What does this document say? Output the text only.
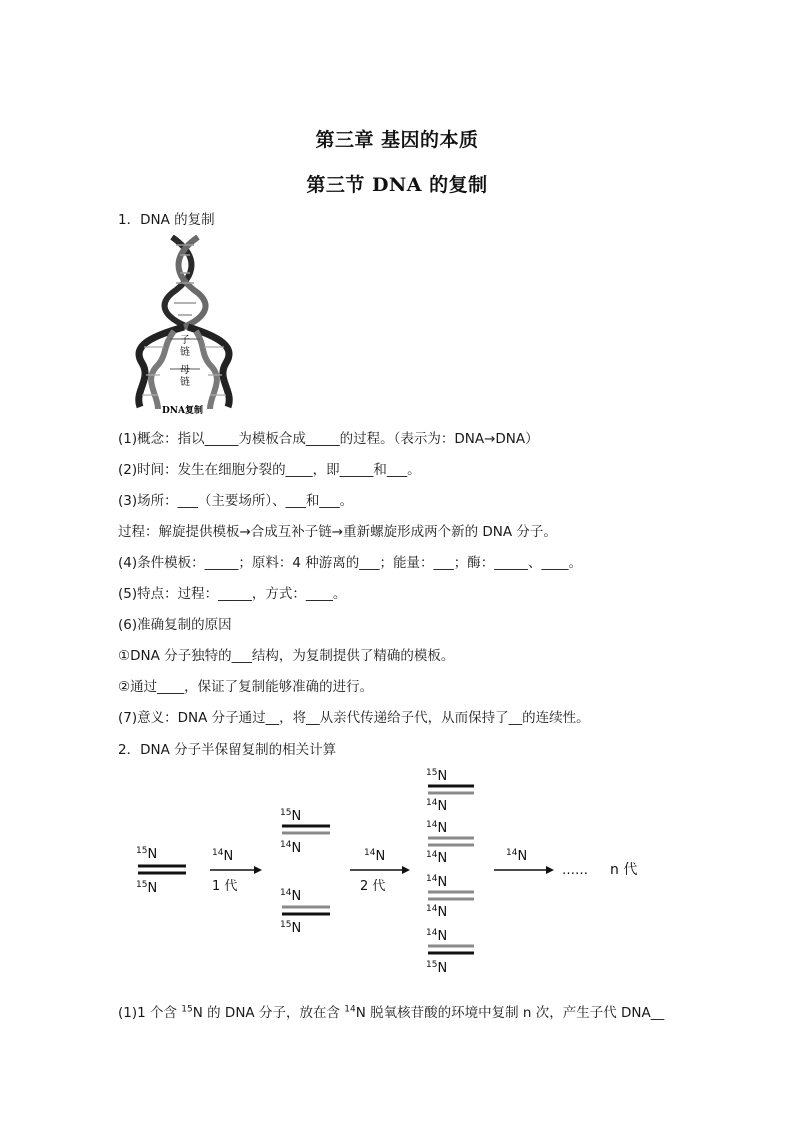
第三章 基因的本质
第三节 DNA 的复制
1．DNA 的复制
子
链
母
链
DNA复制
(1)概念：指以_____为模板合成_____的过程。（表示为：DNA→DNA）
(2)时间：发生在细胞分裂的____，即_____和___。
(3)场所：___（主要场所）、___和___。
过程：解旋提供模板→合成互补子链→重新螺旋形成两个新的 DNA 分子。
(4)条件模板：_____；原料：4 种游离的___；能量：___；酶：_____、____。
(5)特点：过程：_____，方式：____。
(6)准确复制的原因
①DNA 分子独特的___结构，为复制提供了精确的模板。
②通过____，保证了复制能够准确的进行。
(7)意义：DNA 分子通过__，将__从亲代传递给子代，从而保持了__的连续性。
2．DNA 分子半保留复制的相关计算
$^{15}$N
$^{15}$N
$^{14}$N
1 代
$^{15}$N
$^{14}$N
$^{14}$N
$^{15}$N
$^{14}$N
2 代
$^{15}$N
$^{14}$N
$^{14}$N
$^{14}$N
$^{14}$N
$^{14}$N
$^{14}$N
$^{15}$N
$^{14}$N
…… n 代
(1)1 个含 $^{15}$N 的 DNA 分子，放在含 $^{14}$N 脱氧核苷酸的环境中复制 n 次，产生子代 DNA__
